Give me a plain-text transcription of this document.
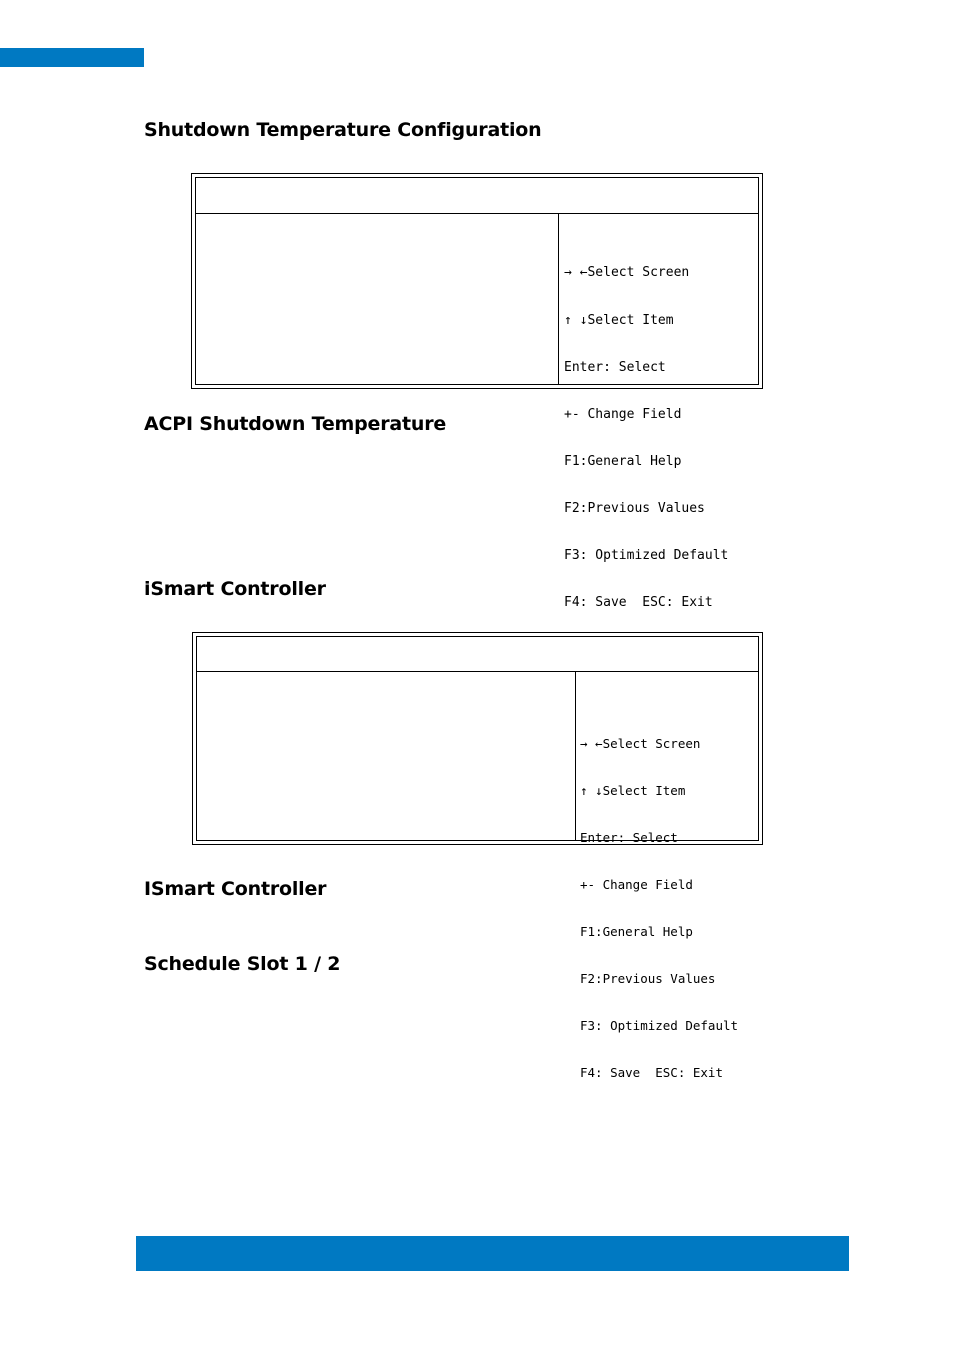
Shutdown Temperature Configuration

→ ←Select Screen

↑ ↓Select Item

Enter: Select

+- Change Field

F1:General Help

F2:Previous Values

F3: Optimized Default

F4: Save  ESC: Exit

ACPI Shutdown Temperature
iSmart Controller

→ ←Select Screen

↑ ↓Select Item

Enter: Select

+- Change Field

F1:General Help

F2:Previous Values

F3: Optimized Default

F4: Save  ESC: Exit

ISmart Controller
Schedule Slot 1 / 2
